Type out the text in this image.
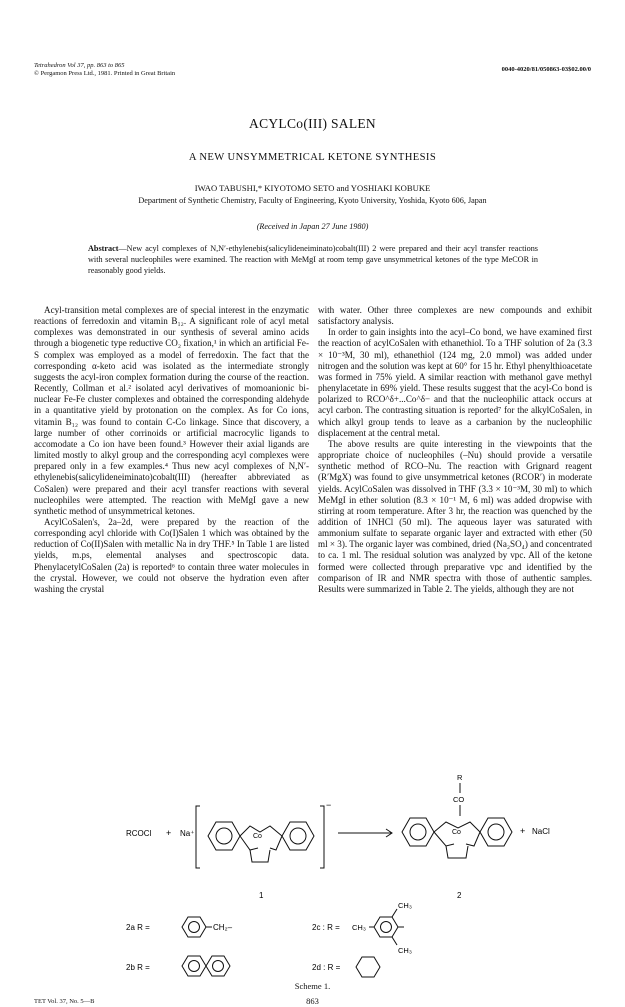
Tetrahedron Vol 37, pp. 863 to 865
© Pergamon Press Ltd., 1981. Printed in Great Britain
0040-4020/81/050863-03$02.00/0
ACYLCo(III) SALEN
A NEW UNSYMMETRICAL KETONE SYNTHESIS
IWAO TABUSHI,* KIYOTOMO SETO and YOSHIAKI KOBUKE
Department of Synthetic Chemistry, Faculty of Engineering, Kyoto University, Yoshida, Kyoto 606, Japan
(Received in Japan 27 June 1980)
Abstract—New acyl complexes of N,N′-ethylenebis(salicylideneiminato)cobalt(III) 2 were prepared and their acyl transfer reactions with several nucleophiles were examined. The reaction with MeMgI at room temp gave unsymmetrical ketones of the type MeCOR in reasonably good yields.

Acyl-transition metal complexes are of special interest in the enzymatic reactions of ferredoxin and vitamin B₁₂. A significant role of acyl metal complexes was demonstrated in our synthesis of several amino acids through a biogenetic type reductive CO₂ fixation,¹ in which an artificial Fe-S complex was employed as a model of ferredoxin. The fact that the corresponding α-keto acid was isolated as the intermediate strongly suggests the acyl-iron complex formation during the course of the reaction. Recently, Collman et al.² isolated acyl derivatives of momoanionic bi-nuclear Fe-Fe cluster complexes and obtained the corresponding aldehyde in a quantitative yield by protonation on the complex. As for Co ions, vitamin B₁₂ was found to contain C-Co linkage. Since that discovery, a large number of other corrinoids or artificial macrocylic ligands to accomodate a Co ion have been found.³ However their axial ligands are limited mostly to alkyl group and the corresponding acyl complexes were prepared only in a few examples.⁴ Thus new acyl complexes of N,N′-ethylenebis(salicylideneiminato)cobalt(III) (hereafter abbreviated as CoSalen) were prepared and their acyl transfer reactions with several nucleophiles were attempted. The reaction with MeMgI gave a new synthetic method of unsymmetrical ketones.

AcylCoSalen's, 2a–2d, were prepared by the reaction of the corresponding acyl chloride with Co(I)Salen 1 which was obtained by the reduction of Co(II)Salen with metallic Na in dry THF.⁵ In Table 1 are listed yields, m.ps, elemental analyses and spectroscopic data. PhenylacetylCoSalen (2a) is reported⁶ to contain three water molecules in the crystal. However, we could not observe the hydration even after washing the crystal

with water. Other three complexes are new compounds and exhibit satisfactory analysis.

In order to gain insights into the acyl–Co bond, we have examined first the reaction of acylCoSalen with ethanethiol. To a THF solution of 2a (3.3 × 10⁻³M, 30 ml), ethanethiol (124 mg, 2.0 mmol) was added under nitrogen and the solution was kept at 60° for 15 hr. Ethyl phenylthioacetate was formed in 75% yield. A similar reaction with methanol gave methyl phenylacetate in 69% yield. These results suggest that the acyl-Co bond is polarized to RCO^δ+...Co^δ− and that the nucleophilic attack occurs at acyl carbon. The contrasting situation is reported⁷ for the alkylCoSalen, in which alkyl group tends to leave as a carbanion by the nucleophilic displacement at the central metal.

The above results are quite interesting in the viewpoints that the appropriate choice of nucleophiles (–Nu) should provide a versatile synthetic method of RCO–Nu. The reaction with Grignard reagent (R′MgX) was found to give unsymmetrical ketones (RCOR′) in moderate yields. AcylCoSalen was dissolved in THF (3.3 × 10⁻³M, 30 ml) to which MeMgI in ether solution (8.3 × 10⁻¹ M, 6 ml) was added dropwise with stirring at room temperature. After 3 hr, the reaction was quenched by the addition of 1NHCl (50 ml). The aqueous layer was saturated with ammonium sulfate to separate organic layer and extracted with ether (50 ml × 3). The organic layer was combined, dried (Na₂SO₄) and concentrated to ca. 1 ml. The residual solution was analyzed by vpc. All of the ketone formed were collected through preparative vpc and identified by the comparison of IR and NMR spectra with those of authentic samples. Results were summarized in Table 2. The yields, although they are not

RCOCl + Na⁺	Co
−
1
R
CO
Co	+ NaCl
2
2a R =	CH₂–
2b R =
2c : R = CH₃
CH₃
CH₃
2d : R =
Scheme 1.
TET Vol. 37, No. 5—B	863
